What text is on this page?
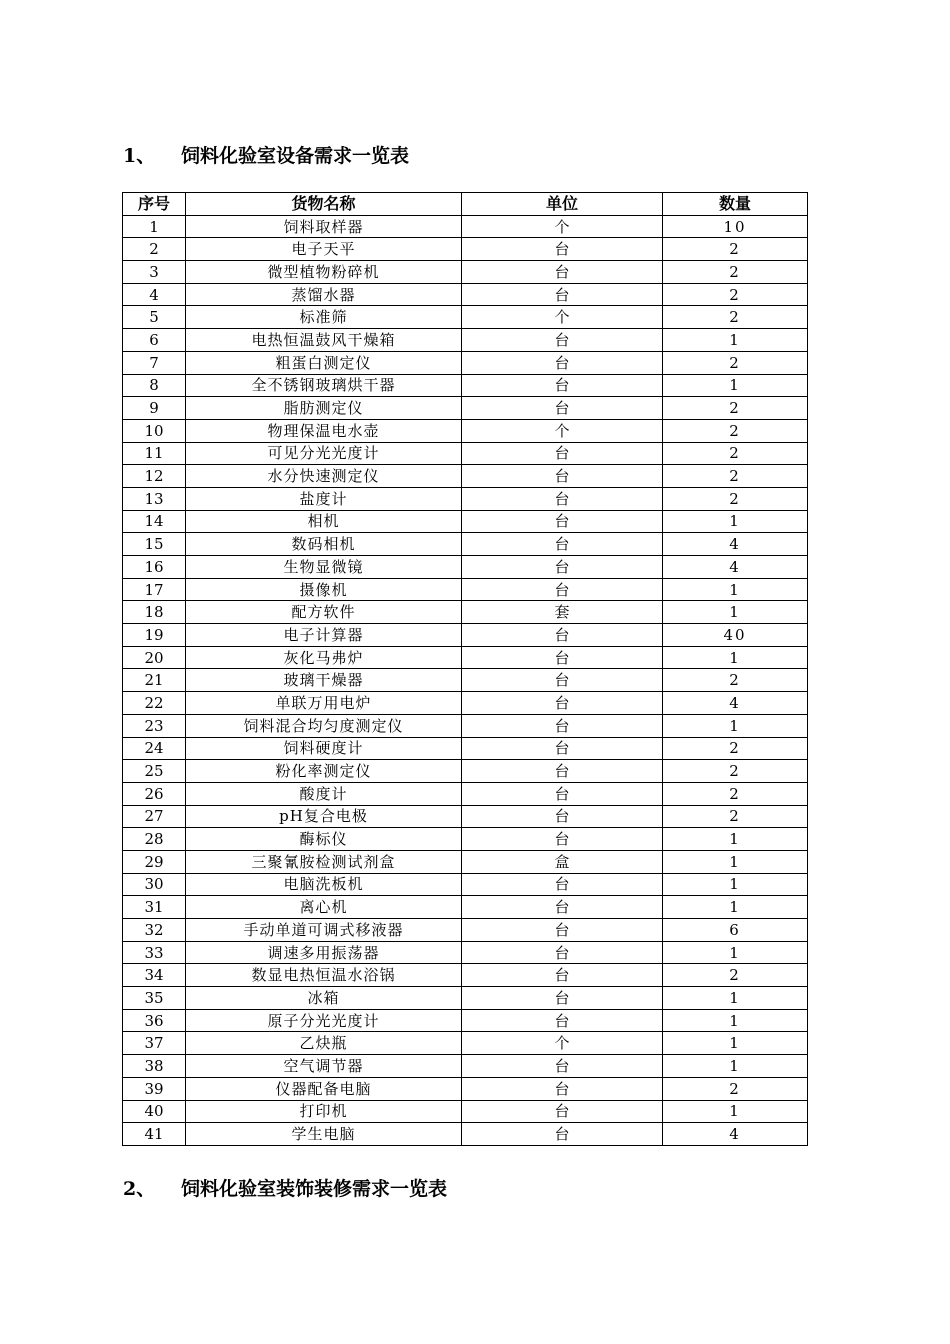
1、 饲料化验室设备需求一览表
序号	货物名称	单位	数量
1	饲料取样器	个	10
2	电子天平	台	2
3	微型植物粉碎机	台	2
4	蒸馏水器	台	2
5	标准筛	个	2
6	电热恒温鼓风干燥箱	台	1
7	粗蛋白测定仪	台	2
8	全不锈钢玻璃烘干器	台	1
9	脂肪测定仪	台	2
10	物理保温电水壶	个	2
11	可见分光光度计	台	2
12	水分快速测定仪	台	2
13	盐度计	台	2
14	相机	台	1
15	数码相机	台	4
16	生物显微镜	台	4
17	摄像机	台	1
18	配方软件	套	1
19	电子计算器	台	40
20	灰化马弗炉	台	1
21	玻璃干燥器	台	2
22	单联万用电炉	台	4
23	饲料混合均匀度测定仪	台	1
24	饲料硬度计	台	2
25	粉化率测定仪	台	2
26	酸度计	台	2
27	pH复合电极	台	2
28	酶标仪	台	1
29	三聚氰胺检测试剂盒	盒	1
30	电脑洗板机	台	1
31	离心机	台	1
32	手动单道可调式移液器	台	6
33	调速多用振荡器	台	1
34	数显电热恒温水浴锅	台	2
35	冰箱	台	1
36	原子分光光度计	台	1
37	乙炔瓶	个	1
38	空气调节器	台	1
39	仪器配备电脑	台	2
40	打印机	台	1
41	学生电脑	台	4
2、 饲料化验室装饰装修需求一览表
